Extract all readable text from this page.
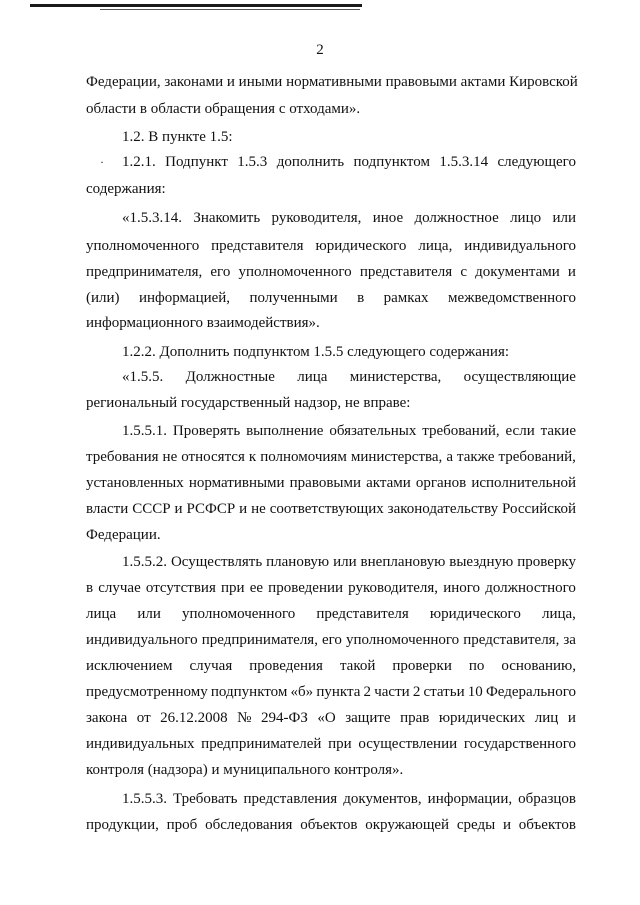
2
·
Федерации, законами и иными нормативными правовыми актами Кировской
области в области обращения с отходами».
1.2. В пункте 1.5:
1.2.1. Подпункт 1.5.3 дополнить подпунктом 1.5.3.14 следующего
содержания:
«1.5.3.14. Знакомить руководителя, иное должностное лицо или
уполномоченного представителя юридического лица, индивидуального
предпринимателя, его уполномоченного представителя с документами и
(или) информацией, полученными в рамках межведомственного
информационного взаимодействия».
1.2.2. Дополнить подпунктом 1.5.5 следующего содержания:
«1.5.5. Должностные лица министерства, осуществляющие
региональный государственный надзор, не вправе:
1.5.5.1. Проверять выполнение обязательных требований, если такие
требования не относятся к полномочиям министерства, а также требований,
установленных нормативными правовыми актами органов исполнительной
власти СССР и РСФСР и не соответствующих законодательству Российской
Федерации.
1.5.5.2. Осуществлять плановую или внеплановую выездную проверку
в случае отсутствия при ее проведении руководителя, иного должностного
лица или уполномоченного представителя юридического лица,
индивидуального предпринимателя, его уполномоченного представителя, за
исключением случая проведения такой проверки по основанию,
предусмотренному подпунктом «б» пункта 2 части 2 статьи 10 Федерального
закона от 26.12.2008 № 294-ФЗ «О защите прав юридических лиц и
индивидуальных предпринимателей при осуществлении государственного
контроля (надзора) и муниципального контроля».
1.5.5.3. Требовать представления документов, информации, образцов
продукции, проб обследования объектов окружающей среды и объектов
